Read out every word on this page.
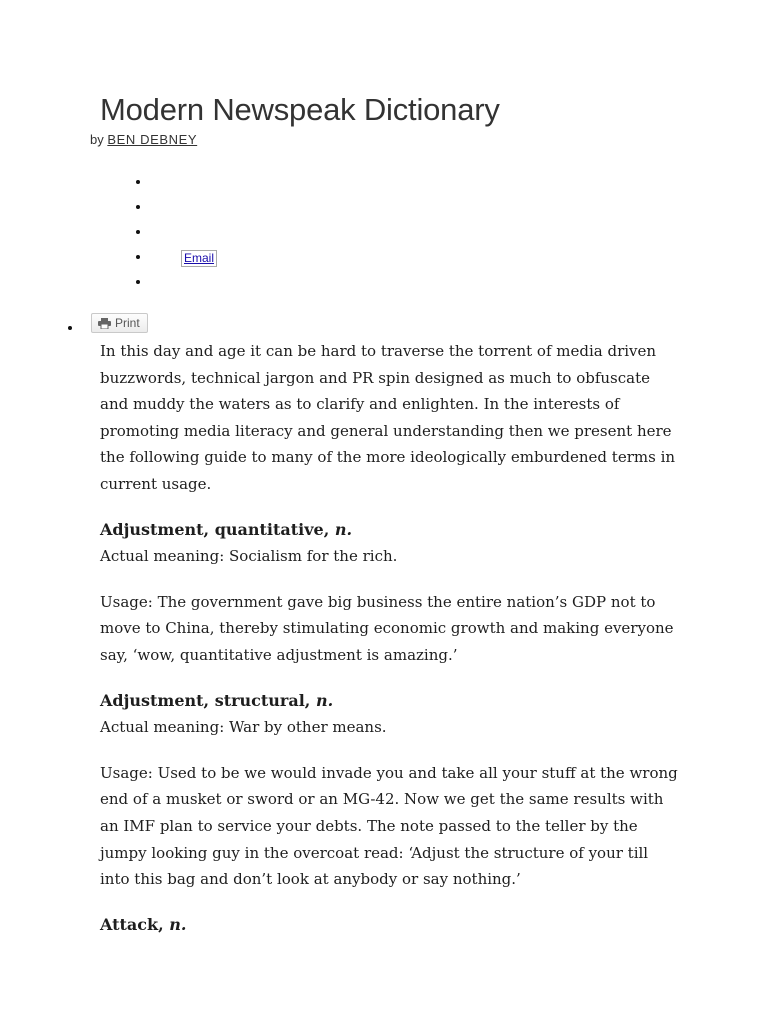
Modern Newspeak Dictionary
by BEN DEBNEY
Email
Print

In this day and age it can be hard to traverse the torrent of media driven buzzwords, technical jargon and PR spin designed as much to obfuscate and muddy the waters as to clarify and enlighten. In the interests of promoting media literacy and general understanding then we present here the following guide to many of the more ideologically emburdened terms in current usage.

Adjustment, quantitative, n.

Actual meaning: Socialism for the rich.

Usage: The government gave big business the entire nation’s GDP not to move to China, thereby stimulating economic growth and making everyone say, ‘wow, quantitative adjustment is amazing.’

Adjustment, structural, n.

Actual meaning: War by other means.

Usage: Used to be we would invade you and take all your stuff at the wrong end of a musket or sword or an MG-42. Now we get the same results with an IMF plan to service your debts. The note passed to the teller by the jumpy looking guy in the overcoat read: ‘Adjust the structure of your till into this bag and don’t look at anybody or say nothing.’

Attack, n.
